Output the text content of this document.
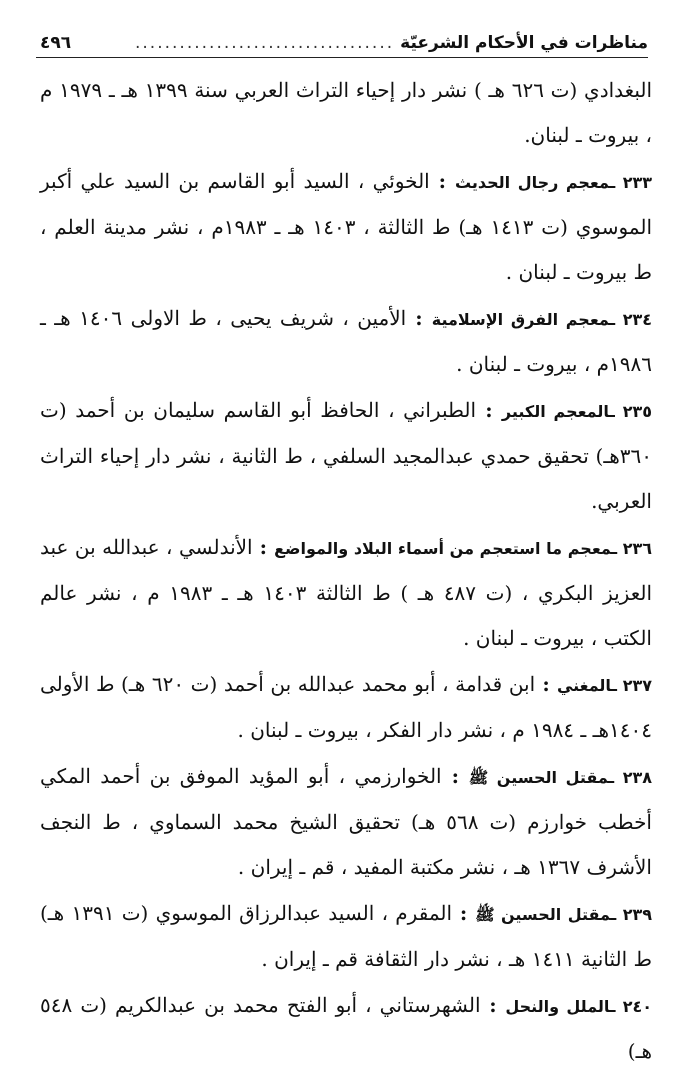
مناظرات في الأحكام الشرعيّة
...................................
٤٩٦

البغدادي (ت ٦٢٦ هـ ) نشر دار إحياء التراث العربي سنة ١٣٩٩ هـ ـ ١٩٧٩ م ، بيروت ـ لبنان.

٢٣٣ ـمعجم رجال الحديث : الخوئي ، السيد أبو القاسم بن السيد علي أكبر الموسوي (ت ١٤١٣ هـ) ط الثالثة ، ١٤٠٣ هـ ـ ١٩٨٣م ، نشر مدينة العلم ، ط بيروت ـ لبنان .

٢٣٤ ـمعجم الفرق الإسلامية : الأمين ، شريف يحيى ، ط الاولى ١٤٠٦ هـ ـ ١٩٨٦م ، بيروت ـ لبنان .

٢٣٥ ـالمعجم الكبير : الطبراني ، الحافظ أبو القاسم سليمان بن أحمد (ت ٣٦٠هـ) تحقيق حمدي عبدالمجيد السلفي ، ط الثانية ، نشر دار إحياء التراث العربي.

٢٣٦ ـمعجم ما استعجم من أسماء البلاد والمواضع : الأندلسي ، عبدالله بن عبد العزيز البكري ، (ت ٤٨٧ هـ ) ط الثالثة ١٤٠٣ هـ ـ ١٩٨٣ م ، نشر عالم الكتب ، بيروت ـ لبنان .

٢٣٧ ـالمغني : ابن قدامة ، أبو محمد عبدالله بن أحمد (ت ٦٢٠ هـ) ط الأولى ١٤٠٤هـ ـ ١٩٨٤ م ، نشر دار الفكر ، بيروت ـ لبنان .

٢٣٨ ـمقتل الحسين ﷺ : الخوارزمي ، أبو المؤيد الموفق بن أحمد المكي أخطب خوارزم (ت ٥٦٨ هـ) تحقيق الشيخ محمد السماوي ، ط النجف الأشرف ١٣٦٧ هـ ، نشر مكتبة المفيد ، قم ـ إيران .

٢٣٩ ـمقتل الحسين ﷺ : المقرم ، السيد عبدالرزاق الموسوي (ت ١٣٩١ هـ) ط الثانية ١٤١١ هـ ، نشر دار الثقافة قم ـ إيران .

٢٤٠ ـالملل والنحل : الشهرستاني ، أبو الفتح محمد بن عبدالكريم (ت ٥٤٨ هـ)
